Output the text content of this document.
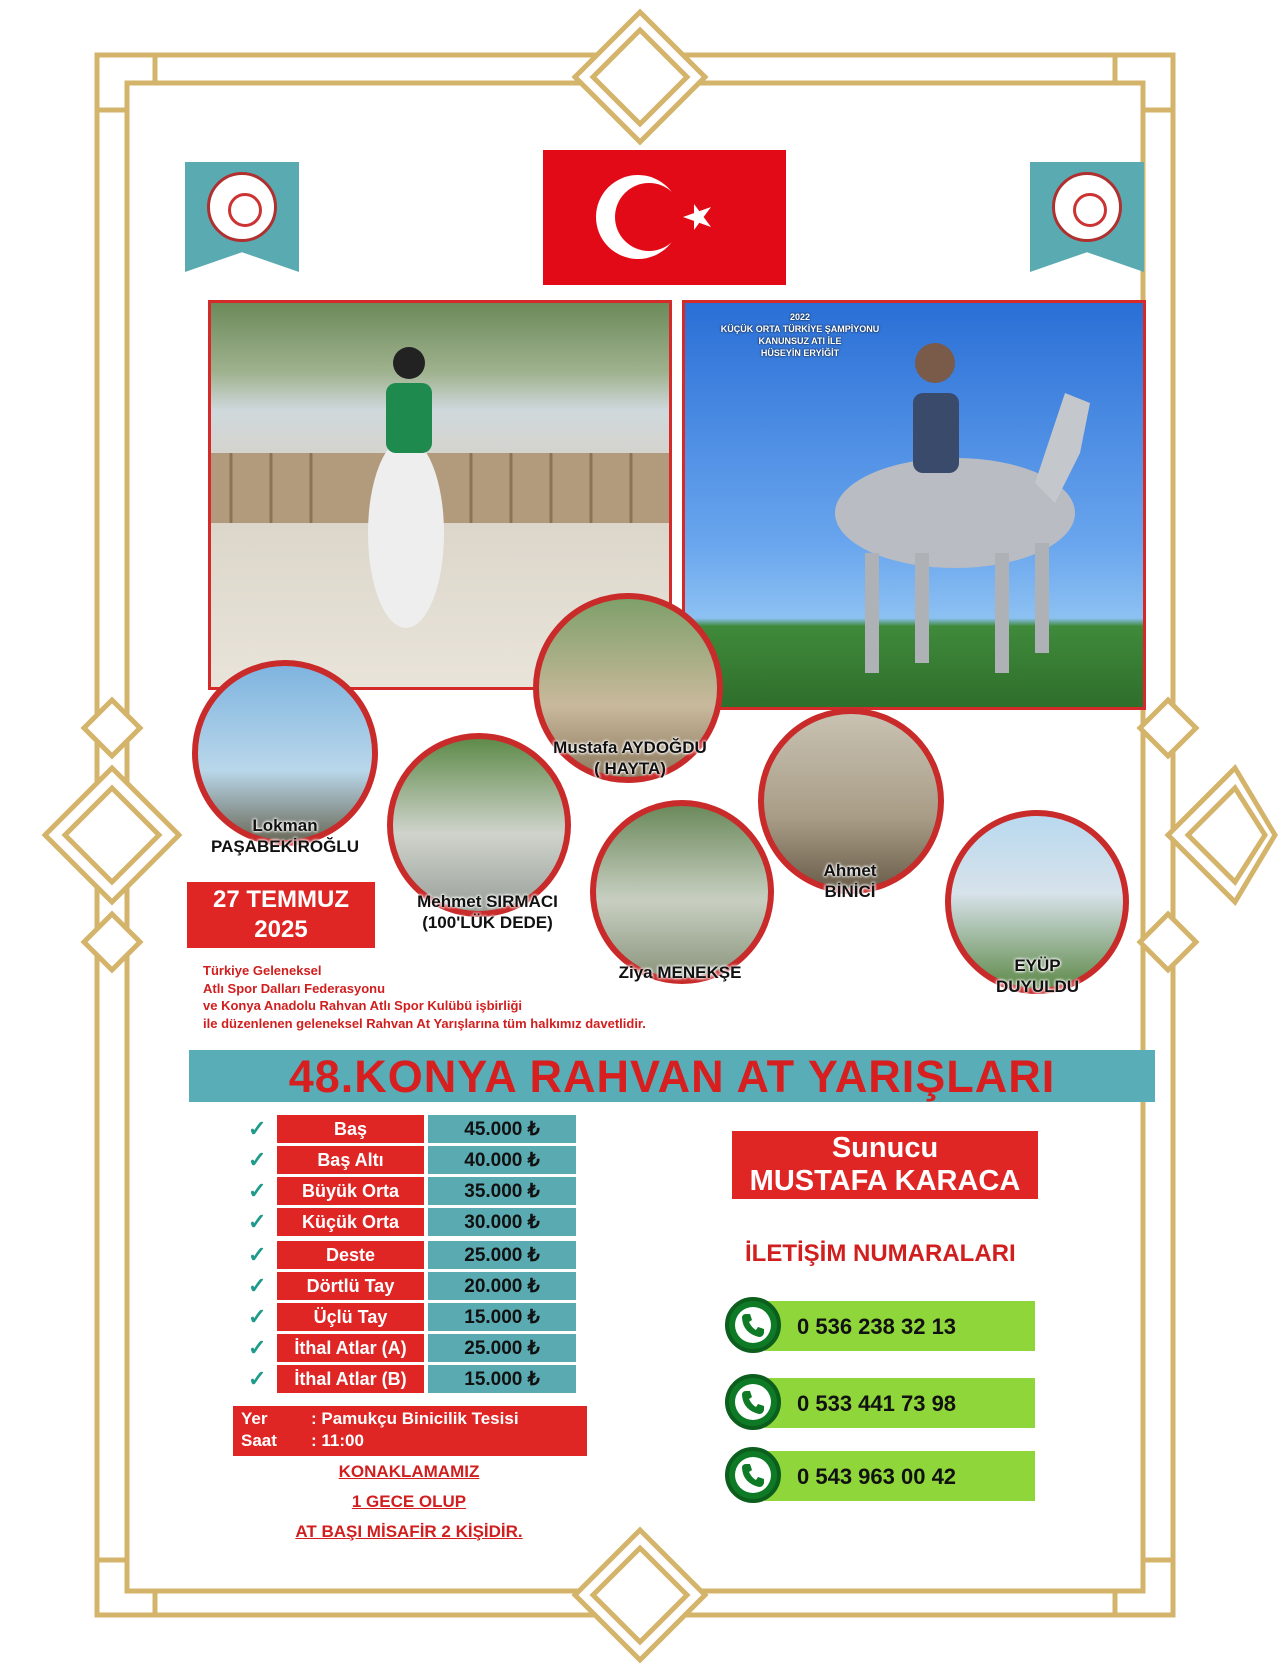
2022
KÜÇÜK ORTA TÜRKİYE ŞAMPİYONU
KANUNSUZ ATI İLE
HÜSEYİN ERYİĞİT
Lokman
PAŞABEKİROĞLU
Mustafa AYDOĞDU
( HAYTA)
Ahmet
BİNİCİ
Mehmet SIRMACI
(100'LÜK DEDE)
Ziya MENEKŞE	EYÜP
DUYULDU
27 TEMMUZ
2025
Türkiye Geleneksel
Atlı Spor Dalları Federasyonu
ve Konya Anadolu Rahvan Atlı Spor Kulübü işbirliği
ile düzenlenen geleneksel Rahvan At Yarışlarına tüm halkımız davetlidir.
48.KONYA RAHVAN AT YARIŞLARI
✓	Baş	45.000 ₺
✓	Baş Altı	40.000 ₺
✓	Büyük Orta	35.000 ₺
✓	Küçük Orta	30.000 ₺
✓	Deste	25.000 ₺
✓	Dörtlü Tay	20.000 ₺
✓	Üçlü Tay	15.000 ₺
✓	İthal Atlar (A)	25.000 ₺
✓	İthal Atlar (B)	15.000 ₺
Yer	: Pamukçu Binicilik Tesisi
Saat : 11:00
KONAKLAMAMIZ
1 GECE OLUP
AT BAŞI MİSAFİR 2 KİŞİDİR.
Sunucu
MUSTAFA KARACA
İLETİŞİM NUMARALARI
0 536 238 32 13
0 533 441 73 98
0 543 963 00 42
